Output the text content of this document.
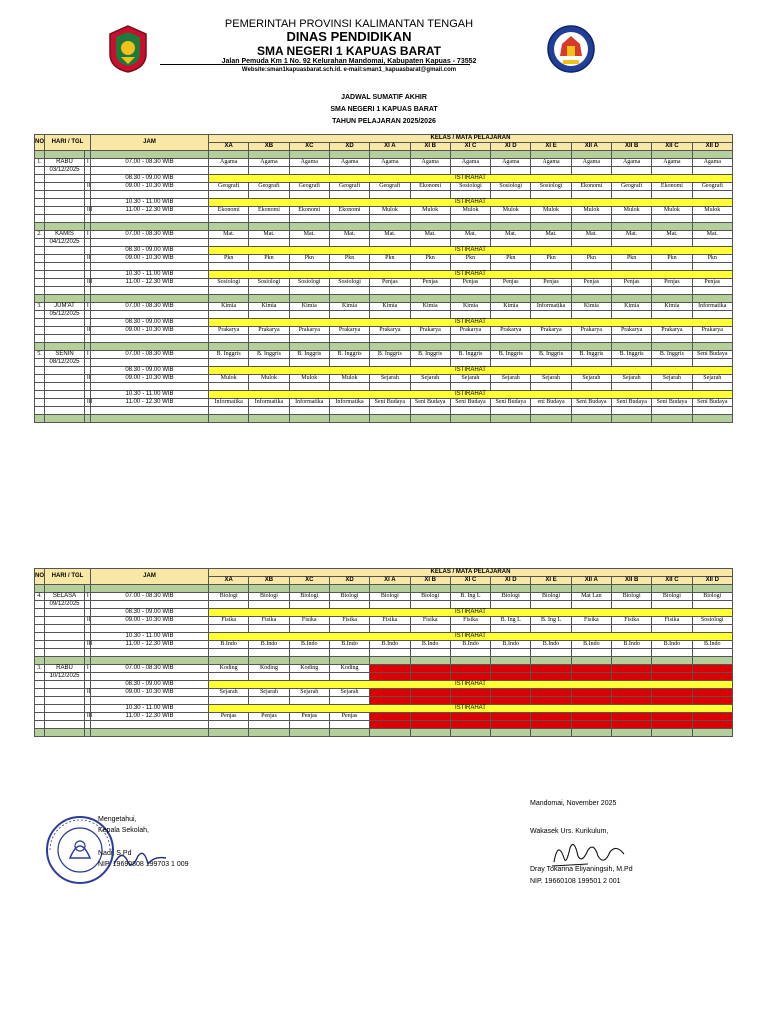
PEMERINTAH PROVINSI KALIMANTAN TENGAH
DINAS PENDIDIKAN
SMA NEGERI 1 KAPUAS BARAT
Jalan Pemuda Km 1 No. 92 Kelurahan Mandomai, Kabupaten Kapuas - 73552
Website:sman1kapuasbarat.sch.id. e-mail:sman1_kapuasbarat@gmail.com
JADWAL SUMATIF AKHIR
SMA NEGERI 1 KAPUAS BARAT
TAHUN PELAJARAN 2025/2026
NO	HARI / TGL		JAM	KELAS / MATA PELAJARAN												
				XA	XB	XC	XD	XI A	XI B	XI C	XI D	XI E	XII A	XII B	XII C	XII D

1.	RABU	I	07.00 - 08.30 WIB	Agama	Agama	Agama	Agama	Agama	Agama	Agama	Agama	Agama	Agama	Agama	Agama	Agama
	03/12/2025															
			08.30 - 09.00 WIB	ISTIRAHAT												
		II	09.00 - 10.30 WIB	Geografi	Geografi	Geografi	Geografi	Geografi	Ekonomi	Sosiologi	Sosiologi	Sosiologi	Ekonomi	Geografi	Ekonomi	Geografi

			10.30 - 11.00 WIB	ISTIRAHAT												
		III	11.00 - 12.30 WIB	Ekonomi	Ekonomi	Ekonomi	Ekonomi	Mulok	Mulok	Mulok	Mulok	Mulok	Mulok	Mulok	Mulok	Mulok

2.	KAMIS	I	07.00 - 08.30 WIB	Mat.	Mat.	Mat.	Mat.	Mat.	Mat.	Mat.	Mat.	Mat.	Mat.	Mat.	Mat.	Mat.
	04/12/2025															
			08.30 - 09.00 WIB	ISTIRAHAT												
		II	09.00 - 10.30 WIB	Pkn	Pkn	Pkn	Pkn	Pkn	Pkn	Pkn	Pkn	Pkn	Pkn	Pkn	Pkn	Pkn

			10.30 - 11.00 WIB	ISTIRAHAT												
		III	11.00 - 12.30 WIB	Sosiologi	Sosiologi	Sosiologi	Sosiologi	Penjas	Penjas	Penjas	Penjas	Penjas	Penjas	Penjas	Penjas	Penjas

3.	JUM'AT	I	07.00 - 08.30 WIB	Kimia	Kimia	Kimia	Kimia	Kimia	Kimia	Kimia	Kimia	Informatika	Kimia	Kimia	Kimia	Informatika
	05/12/2025															
			08.30 - 09.00 WIB	ISTIRAHAT												
		II	09.00 - 10.30 WIB	Prakarya	Prakarya	Prakarya	Prakarya	Prakarya	Prakarya	Prakarya	Prakarya	Prakarya	Prakarya	Prakarya	Prakarya	Prakarya

5.	SENIN	I	07.00 - 08.30 WIB	B. Inggris	B. Inggris	B. Inggris	B. Inggris	B. Inggris	B. Inggris	B. Inggris	B. Inggris	B. Inggris	B. Inggris	B. Inggris	B. Inggris	Seni Budaya
	08/12/2025															
			08.30 - 09.00 WIB	ISTIRAHAT												
		II	09.00 - 10.30 WIB	Mulok	Mulok	Mulok	Mulok	Sejarah	Sejarah	Sejarah	Sejarah	Sejarah	Sejarah	Sejarah	Sejarah	Sejarah

			10.30 - 11.00 WIB	ISTIRAHAT												
		III	11.00 - 12.30 WIB	Informatika	Informatika	Informatika	Informatika	Seni Budaya	Seni Budaya	Seni Budaya	Seni Budaya	eni Budaya	Seni Budaya	Seni Budaya	Seni Budaya	Seni Budaya

NO	HARI / TGL		JAM	KELAS / MATA PELAJARAN												
				XA	XB	XC	XD	XI A	XI B	XI C	XI D	XI E	XII A	XII B	XII C	XII D

4.	SELASA	I	07.00 - 08.30 WIB	Biologi	Biologi	Biologi	Biologi	Biologi	Biologi	B. Ing L	Biologi	Biologi	Mat Lan	Biologi	Biologi	Biologi
	09/12/2025															
			08.30 - 09.00 WIB	ISTIRAHAT												
		II	09.00 - 10.30 WIB	Fisika	Fisika	Fisika	Fisika	Fisika	Fisika	Fisika	B. Ing L	B. Ing L	Fisika	Fisika	Fisika	Sosiologi

			10.30 - 11.00 WIB	ISTIRAHAT												
		III	11.00 - 12.30 WIB	B.Indo	B.Indo	B.Indo	B.Indo	B.Indo	B.Indo	B.Indo	B.Indo	B.Indo	B.Indo	B.Indo	B.Indo	B.Indo

3.	RABU	I	07.00 - 08.30 WIB	Koding	Koding	Koding	Koding									
	10/12/2025															
			08.30 - 09.00 WIB	ISTIRAHAT												
		II	09.00 - 10.30 WIB	Sejarah	Sejarah	Sejarah	Sejarah									

			10.30 - 11.00 WIB	ISTIRAHAT												
		III	11.00 - 12.30 WIB	Penjas	Penjas	Penjas	Penjas									

Mengetahui,
Kepala Sekolah,
Nadi, S.Pd
NIP. 19690808 199703 1 009
Mandomai, November 2025
Wakasek Urs. Kurikulum,
Dray Tokarina Eliyaningsih, M.Pd
NIP. 19660108 199501 2 001
